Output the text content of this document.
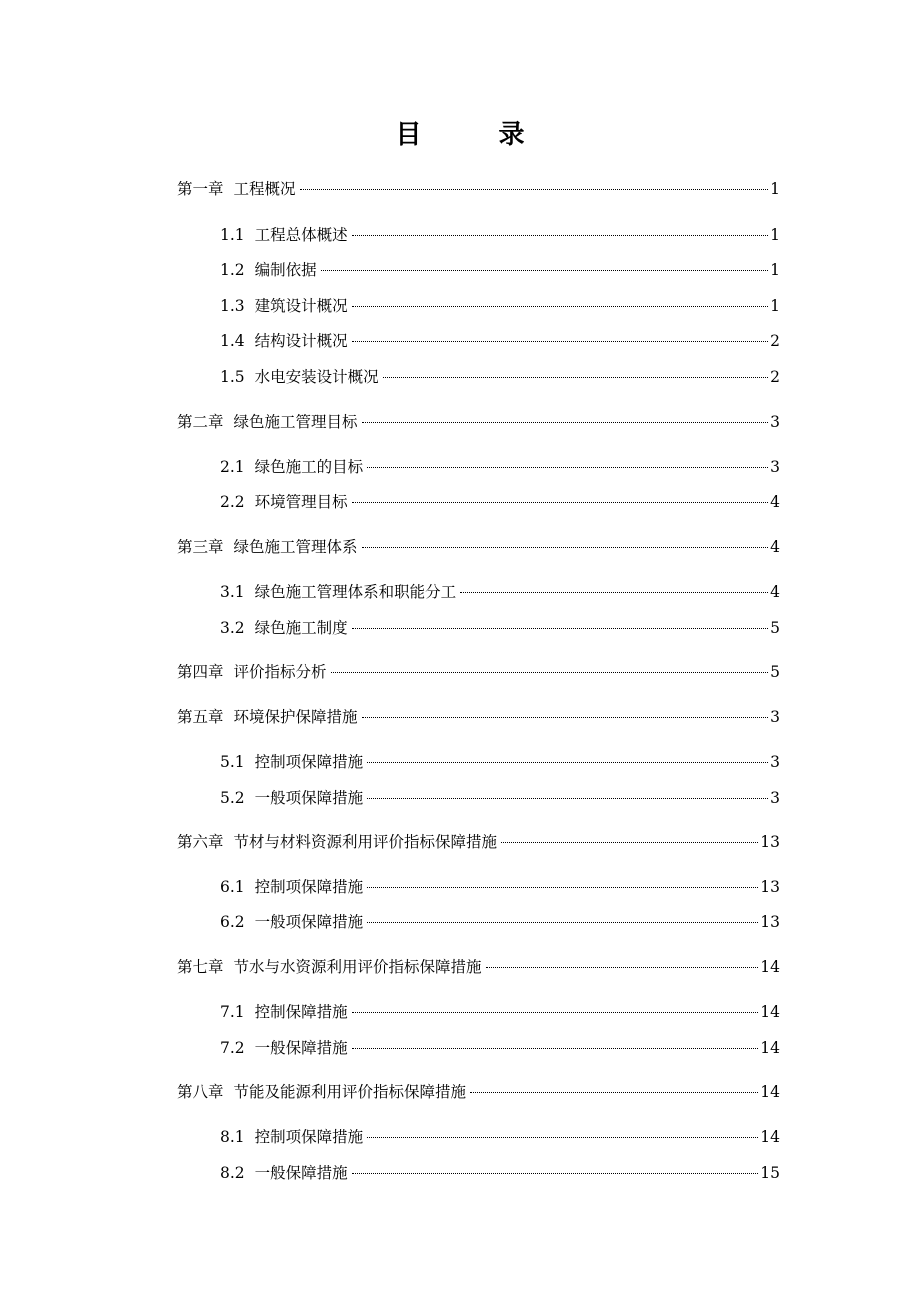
目 录
第一章 工程概况	1
1.1 工程总体概述	1
1.2 编制依据	1
1.3 建筑设计概况	1
1.4 结构设计概况	2
1.5 水电安装设计概况	2
第二章 绿色施工管理目标	3
2.1 绿色施工的目标	3
2.2 环境管理目标	4
第三章 绿色施工管理体系	4
3.1 绿色施工管理体系和职能分工	4
3.2 绿色施工制度	5
第四章 评价指标分析	5
第五章 环境保护保障措施	3
5.1 控制项保障措施	3
5.2 一般项保障措施	3
第六章 节材与材料资源利用评价指标保障措施	13
6.1 控制项保障措施	13
6.2 一般项保障措施	13
第七章 节水与水资源利用评价指标保障措施	14
7.1 控制保障措施	14
7.2 一般保障措施	14
第八章 节能及能源利用评价指标保障措施	14
8.1 控制项保障措施	14
8.2 一般保障措施	15
